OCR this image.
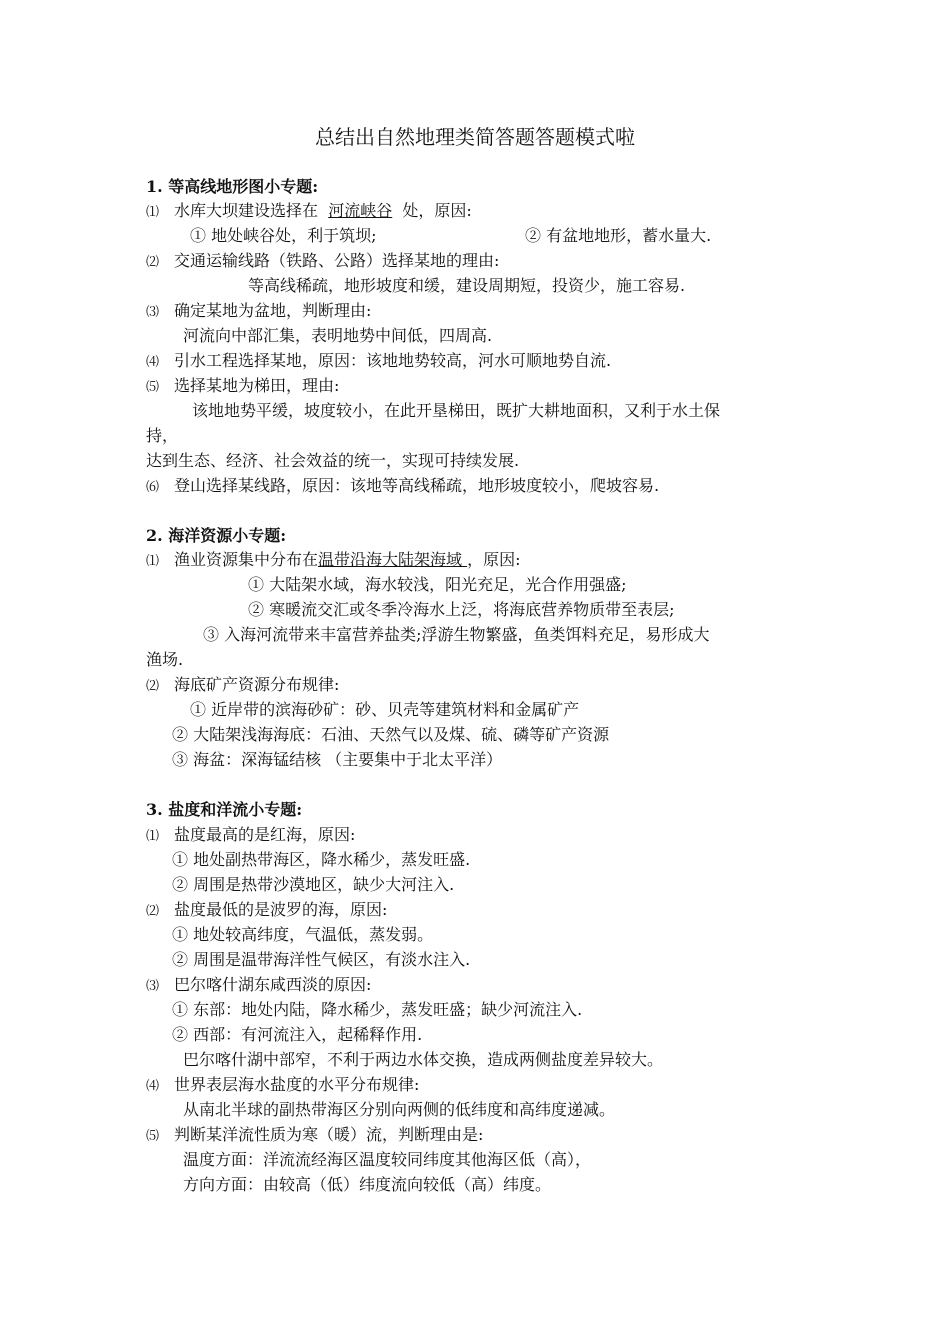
总结出自然地理类简答题答题模式啦
1. 等高线地形图小专题:
⑴ 水库大坝建设选择在 河流峡谷 处，原因:
① 地处峡谷处，利于筑坝;	② 有盆地地形，蓄水量大.
⑵ 交通运输线路（铁路、公路）选择某地的理由:
等高线稀疏，地形坡度和缓，建设周期短，投资少，施工容易.
⑶ 确定某地为盆地，判断理由:
河流向中部汇集，表明地势中间低，四周高.
⑷ 引水工程选择某地，原因：该地地势较高，河水可顺地势自流.
⑸ 选择某地为梯田，理由:
该地地势平缓，坡度较小，在此开垦梯田，既扩大耕地面积，又利于水土保
持，
达到生态、经济、社会效益的统一，实现可持续发展.
⑹ 登山选择某线路，原因：该地等高线稀疏，地形坡度较小，爬坡容易.
2. 海洋资源小专题:
⑴ 渔业资源集中分布在温带沿海大陆架海域 ，原因:
① 大陆架水域，海水较浅，阳光充足，光合作用强盛;
② 寒暖流交汇或冬季冷海水上泛，将海底营养物质带至表层;
③ 入海河流带来丰富营养盐类;浮游生物繁盛，鱼类饵料充足，易形成大
渔场.
⑵ 海底矿产资源分布规律:
① 近岸带的滨海砂矿：砂、贝壳等建筑材料和金属矿产
② 大陆架浅海海底：石油、天然气以及煤、硫、磷等矿产资源
③ 海盆：深海锰结核 （主要集中于北太平洋）
3. 盐度和洋流小专题:
⑴ 盐度最高的是红海，原因:
① 地处副热带海区，降水稀少，蒸发旺盛.
② 周围是热带沙漠地区，缺少大河注入.
⑵ 盐度最低的是波罗的海，原因:
① 地处较高纬度，气温低，蒸发弱。
② 周围是温带海洋性气候区，有淡水注入.
⑶ 巴尔喀什湖东咸西淡的原因:
① 东部：地处内陆，降水稀少，蒸发旺盛；缺少河流注入.
② 西部：有河流注入，起稀释作用.
巴尔喀什湖中部窄，不利于两边水体交换，造成两侧盐度差异较大。
⑷ 世界表层海水盐度的水平分布规律:
从南北半球的副热带海区分别向两侧的低纬度和高纬度递减。
⑸ 判断某洋流性质为寒（暖）流，判断理由是:
温度方面：洋流流经海区温度较同纬度其他海区低（高），
方向方面：由较高（低）纬度流向较低（高）纬度。
